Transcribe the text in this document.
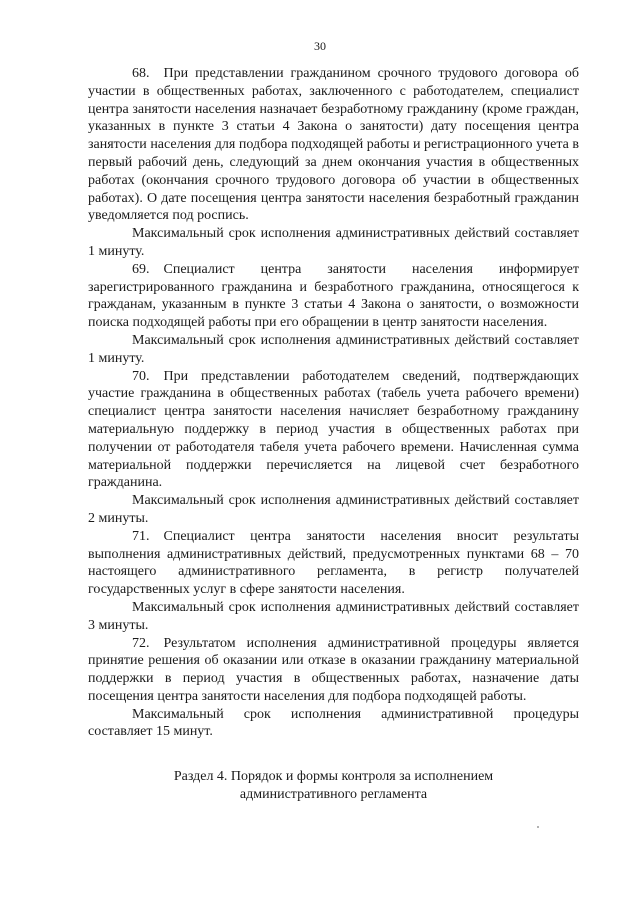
30

68. При представлении гражданином срочного трудового договора об участии в общественных работах, заключенного с работодателем, специалист центра занятости населения назначает безработному гражданину (кроме граждан, указанных в пункте 3 статьи 4 Закона о занятости) дату посещения центра занятости населения для подбора подходящей работы и регистрационного учета в первый рабочий день, следующий за днем окончания участия в общественных работах (окончания срочного трудового договора об участии в общественных работах). О дате посещения центра занятости населения безработный гражданин уведомляется под роспись.

Максимальный срок исполнения административных действий составляет 1 минуту.

69. Специалист центра занятости населения информирует зарегистрированного гражданина и безработного гражданина, относящегося к гражданам, указанным в пункте 3 статьи 4 Закона о занятости, о возможности поиска подходящей работы при его обращении в центр занятости населения.

Максимальный срок исполнения административных действий составляет 1 минуту.

70. При представлении работодателем сведений, подтверждающих участие гражданина в общественных работах (табель учета рабочего времени) специалист центра занятости населения начисляет безработному гражданину материальную поддержку в период участия в общественных работах при получении от работодателя табеля учета рабочего времени. Начисленная сумма материальной поддержки перечисляется на лицевой счет безработного гражданина.

Максимальный срок исполнения административных действий составляет 2 минуты.

71. Специалист центра занятости населения вносит результаты выполнения административных действий, предусмотренных пунктами 68 – 70 настоящего административного регламента, в регистр получателей государственных услуг в сфере занятости населения.

Максимальный срок исполнения административных действий составляет 3 минуты.

72. Результатом исполнения административной процедуры является принятие решения об оказании или отказе в оказании гражданину материальной поддержки в период участия в общественных работах, назначение даты посещения центра занятости населения для подбора подходящей работы.

Максимальный срок исполнения административной процедуры составляет 15 минут.

Раздел 4. Порядок и формы контроля за исполнением
административного регламента
